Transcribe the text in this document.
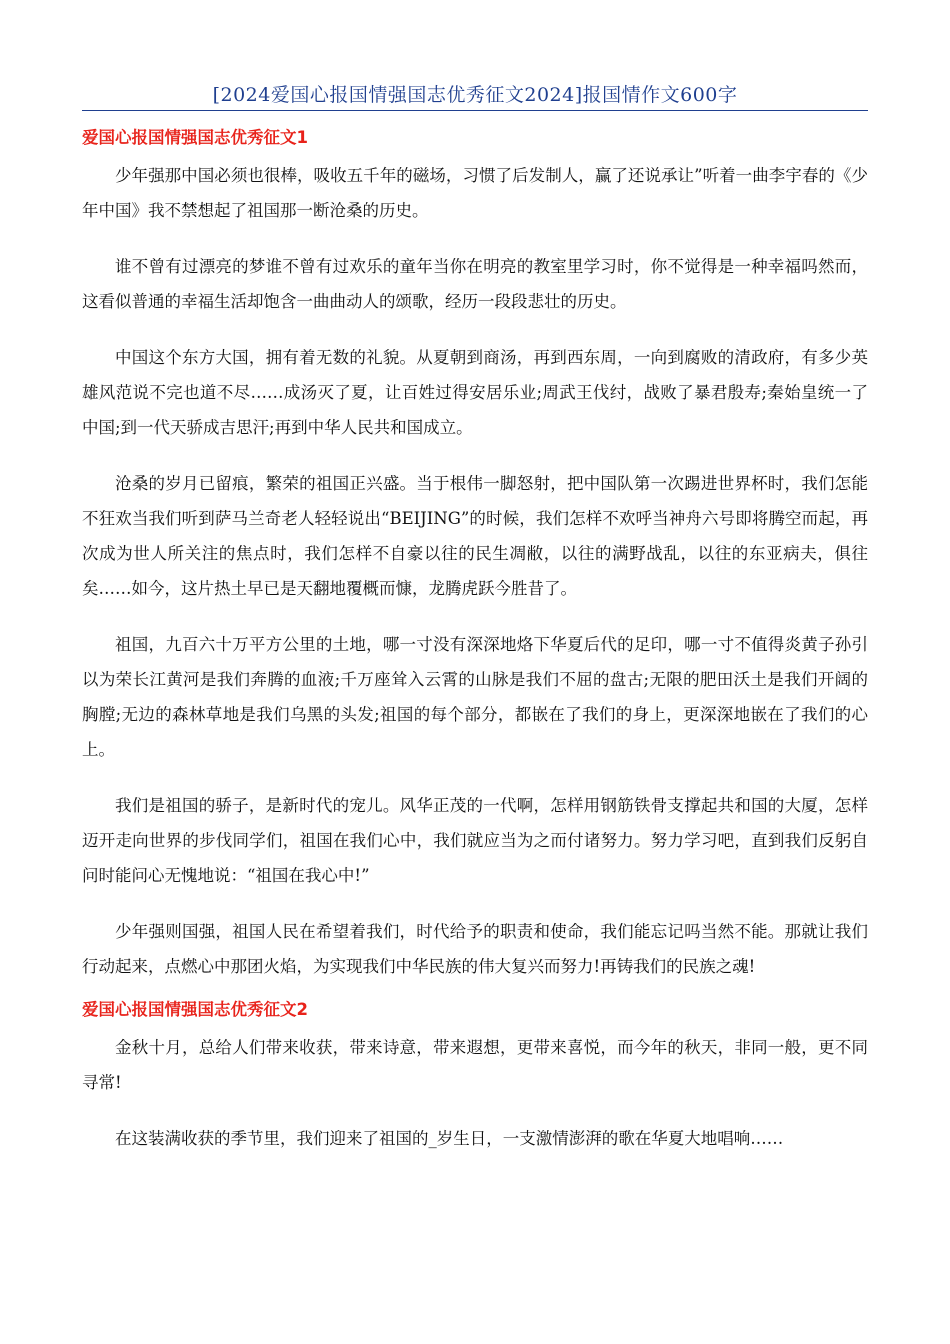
[2024爱国心报国情强国志优秀征文2024]报国情作文600字
爱国心报国情强国志优秀征文1

少年强那中国必须也很棒，吸收五千年的磁场，习惯了后发制人，赢了还说承让”听着一曲李宇春的《少年中国》我不禁想起了祖国那一断沧桑的历史。

谁不曾有过漂亮的梦谁不曾有过欢乐的童年当你在明亮的教室里学习时，你不觉得是一种幸福吗然而，这看似普通的幸福生活却饱含一曲曲动人的颂歌，经历一段段悲壮的历史。

中国这个东方大国，拥有着无数的礼貌。从夏朝到商汤，再到西东周，一向到腐败的清政府，有多少英雄风范说不完也道不尽……成汤灭了夏，让百姓过得安居乐业;周武王伐纣，战败了暴君殷寿;秦始皇统一了中国;到一代天骄成吉思汗;再到中华人民共和国成立。

沧桑的岁月已留痕，繁荣的祖国正兴盛。当于根伟一脚怒射，把中国队第一次踢进世界杯时，我们怎能不狂欢当我们听到萨马兰奇老人轻轻说出“BEIJING”的时候，我们怎样不欢呼当神舟六号即将腾空而起，再次成为世人所关注的焦点时，我们怎样不自豪以往的民生凋敝，以往的满野战乱，以往的东亚病夫，俱往矣……如今，这片热土早已是天翻地覆概而慷，龙腾虎跃今胜昔了。

祖国，九百六十万平方公里的土地，哪一寸没有深深地烙下华夏后代的足印，哪一寸不值得炎黄子孙引以为荣长江黄河是我们奔腾的血液;千万座耸入云霄的山脉是我们不屈的盘古;无限的肥田沃土是我们开阔的胸膛;无边的森林草地是我们乌黑的头发;祖国的每个部分，都嵌在了我们的身上，更深深地嵌在了我们的心上。

我们是祖国的骄子，是新时代的宠儿。风华正茂的一代啊，怎样用钢筋铁骨支撑起共和国的大厦，怎样迈开走向世界的步伐同学们，祖国在我们心中，我们就应当为之而付诸努力。努力学习吧，直到我们反躬自问时能问心无愧地说：“祖国在我心中!”

少年强则国强，祖国人民在希望着我们，时代给予的职责和使命，我们能忘记吗当然不能。那就让我们行动起来，点燃心中那团火焰，为实现我们中华民族的伟大复兴而努力!再铸我们的民族之魂!

爱国心报国情强国志优秀征文2

金秋十月，总给人们带来收获，带来诗意，带来遐想，更带来喜悦，而今年的秋天，非同一般，更不同寻常!

在这装满收获的季节里，我们迎来了祖国的_岁生日，一支激情澎湃的歌在华夏大地唱响……
